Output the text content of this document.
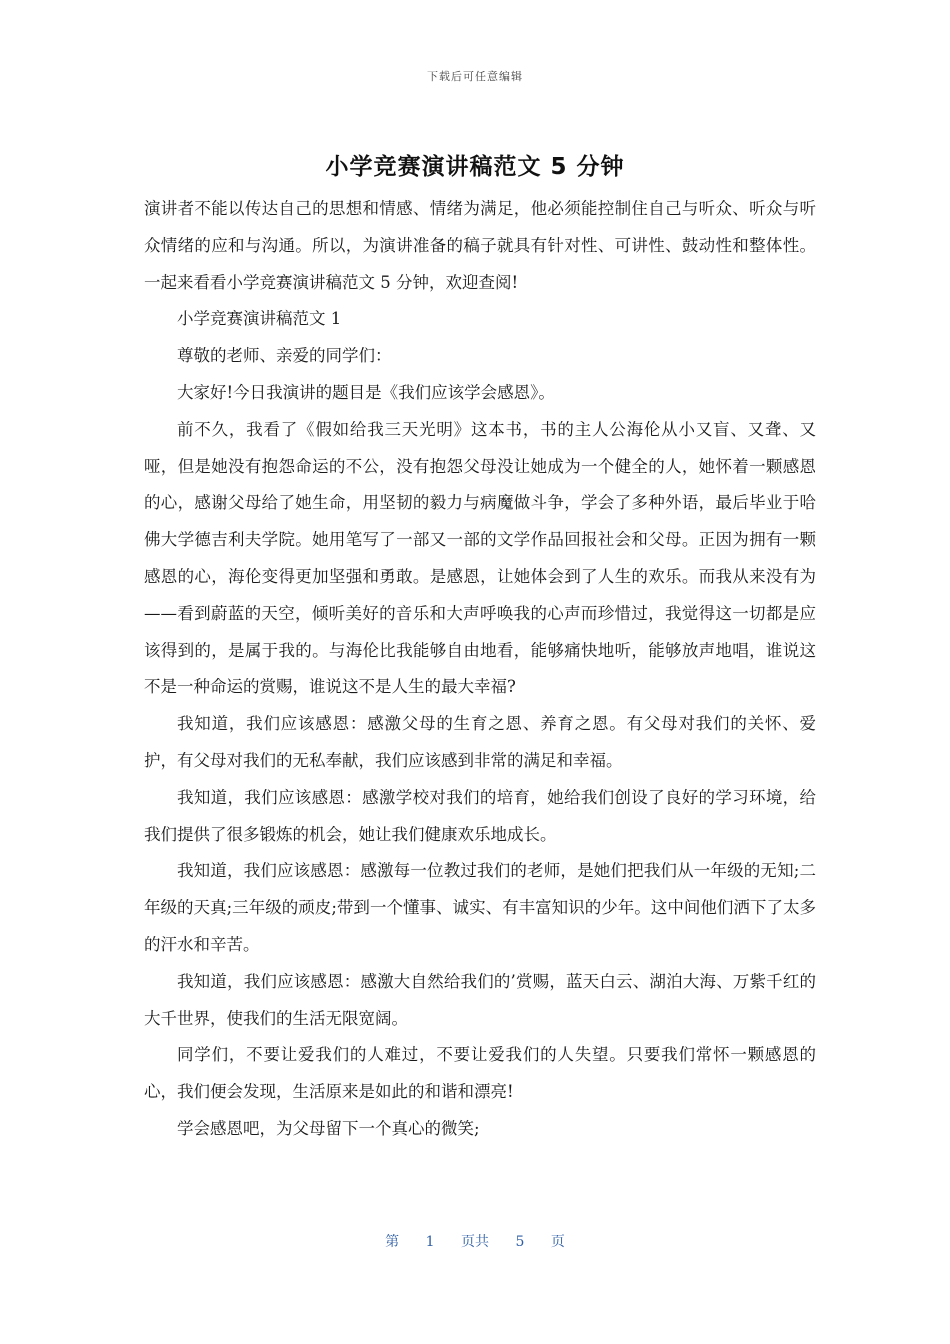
下载后可任意编辑
小学竞赛演讲稿范文 5 分钟

演讲者不能以传达自己的思想和情感、情绪为满足，他必须能控制住自己与听众、听众与听众情绪的应和与沟通。所以，为演讲准备的稿子就具有针对性、可讲性、鼓动性和整体性。一起来看看小学竞赛演讲稿范文 5 分钟，欢迎查阅!

小学竞赛演讲稿范文 1

尊敬的老师、亲爱的同学们：

大家好!今日我演讲的题目是《我们应该学会感恩》。

前不久，我看了《假如给我三天光明》这本书，书的主人公海伦从小又盲、又聋、又哑，但是她没有抱怨命运的不公，没有抱怨父母没让她成为一个健全的人，她怀着一颗感恩的心，感谢父母给了她生命，用坚韧的毅力与病魔做斗争，学会了多种外语，最后毕业于哈佛大学德吉利夫学院。她用笔写了一部又一部的文学作品回报社会和父母。正因为拥有一颗感恩的心，海伦变得更加坚强和勇敢。是感恩，让她体会到了人生的欢乐。而我从来没有为——看到蔚蓝的天空，倾听美好的音乐和大声呼唤我的心声而珍惜过，我觉得这一切都是应该得到的，是属于我的。与海伦比我能够自由地看，能够痛快地听，能够放声地唱，谁说这不是一种命运的赏赐，谁说这不是人生的最大幸福?

我知道，我们应该感恩：感激父母的生育之恩、养育之恩。有父母对我们的关怀、爱护，有父母对我们的无私奉献，我们应该感到非常的满足和幸福。

我知道，我们应该感恩：感激学校对我们的培育，她给我们创设了良好的学习环境，给我们提供了很多锻炼的机会，她让我们健康欢乐地成长。

我知道，我们应该感恩：感激每一位教过我们的老师，是她们把我们从一年级的无知;二年级的天真;三年级的顽皮;带到一个懂事、诚实、有丰富知识的少年。这中间他们洒下了太多的汗水和辛苦。

我知道，我们应该感恩：感激大自然给我们的’赏赐，蓝天白云、湖泊大海、万紫千红的大千世界，使我们的生活无限宽阔。

同学们，不要让爱我们的人难过，不要让爱我们的人失望。只要我们常怀一颗感恩的心，我们便会发现，生活原来是如此的和谐和漂亮!

学会感恩吧，为父母留下一个真心的微笑;

第 1 页共 5 页
